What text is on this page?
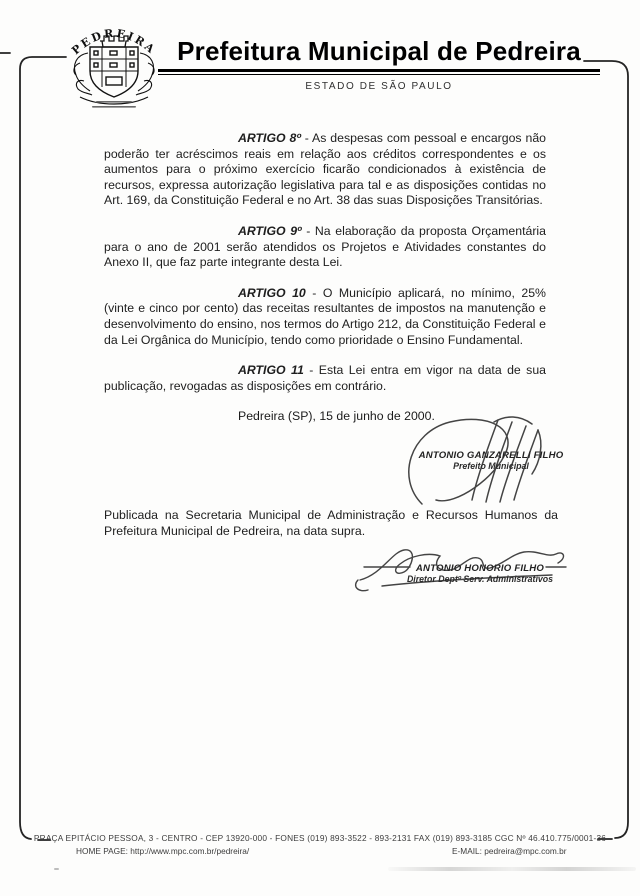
PEDREIRA Prefeitura Municipal de Pedreira
ESTADO DE SÃO PAULO

ARTIGO 8º - As despesas com pessoal e encargos não poderão ter acréscimos reais em relação aos créditos correspondentes e os aumentos para o próximo exercício ficarão condicionados à existência de recursos, expressa autorização legislativa para tal e as disposições contidas no Art. 169, da Constituição Federal e no Art. 38 das suas Disposições Transitórias.

ARTIGO 9º - Na elaboração da proposta Orçamentária para o ano de 2001 serão atendidos os Projetos e Atividades constantes do Anexo II, que faz parte integrante desta Lei.

ARTIGO 10 - O Município aplicará, no mínimo, 25% (vinte e cinco por cento) das receitas resultantes de impostos na manutenção e desenvolvimento do ensino, nos termos do Artigo 212, da Constituição Federal e da Lei Orgânica do Município, tendo como prioridade o Ensino Fundamental.

ARTIGO 11 - Esta Lei entra em vigor na data de sua publicação, revogadas as disposições em contrário.

Pedreira (SP), 15 de junho de 2000.

ANTONIO GANZARELLI FILHO
Prefeito Municipal

Publicada na Secretaria Municipal de Administração e Recursos Humanos da Prefeitura Municipal de Pedreira, na data supra.

ANTONIO HONORIO FILHO
Diretor Deptº Serv. Administrativos
PRAÇA EPITÁCIO PESSOA, 3 - CENTRO - CEP 13920-000 - FONES (019) 893-3522 - 893-2131 FAX (019) 893-3185 CGC Nº 46.410.775/0001-36
HOME PAGE: http://www.mpc.com.br/pedreira/	E-MAIL: pedreira@mpc.com.br
